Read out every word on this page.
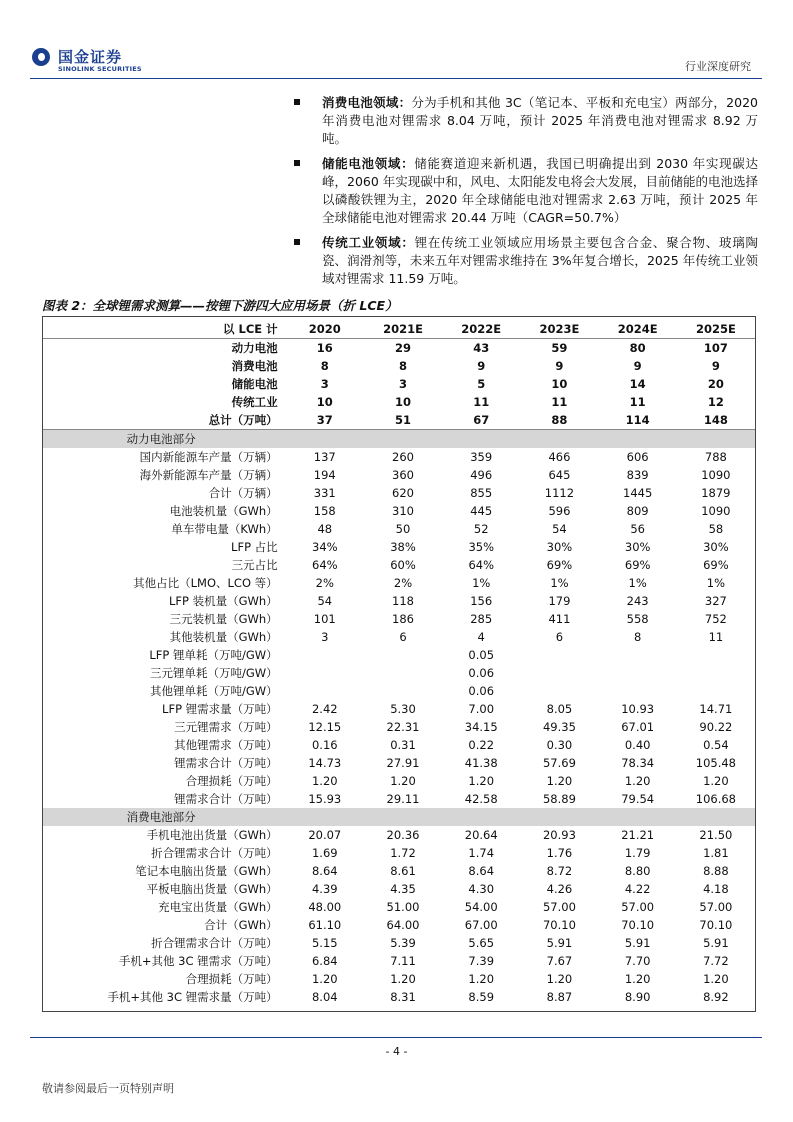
国金证券
SINOLINK SECURITIES	行业深度研究
消费电池领域：分为手机和其他 3C（笔记本、平板和充电宝）两部分，2020 年消费电池对锂需求 8.04 万吨，预计 2025 年消费电池对锂需求 8.92 万吨。
储能电池领域：储能赛道迎来新机遇，我国已明确提出到 2030 年实现碳达峰，2060 年实现碳中和，风电、太阳能发电将会大发展，目前储能的电池选择以磷酸铁锂为主，2020 年全球储能电池对锂需求 2.63 万吨，预计 2025 年全球储能电池对锂需求 20.44 万吨（CAGR=50.7%）
传统工业领域：锂在传统工业领域应用场景主要包含合金、聚合物、玻璃陶瓷、润滑剂等，未来五年对锂需求维持在 3%年复合增长，2025 年传统工业领域对锂需求 11.59 万吨。
图表 2：全球锂需求测算——按锂下游四大应用场景（折 LCE）
以 LCE 计	2020	2021E	2022E	2023E	2024E	2025E
动力电池	16	29	43	59	80	107
消费电池	8	8	9	9	9	9
储能电池	3	3	5	10	14	20
传统工业	10	10	11	11	11	12
总计（万吨）	37	51	67	88	114	148
动力电池部分						
国内新能源车产量（万辆）	137	260	359	466	606	788
海外新能源车产量（万辆）	194	360	496	645	839	1090
合计（万辆）	331	620	855	1112	1445	1879
电池装机量（GWh）	158	310	445	596	809	1090
单车带电量（KWh）	48	50	52	54	56	58
LFP 占比	34%	38%	35%	30%	30%	30%
三元占比	64%	60%	64%	69%	69%	69%
其他占比（LMO、LCO 等）	2%	2%	1%	1%	1%	1%
LFP 装机量（GWh）	54	118	156	179	243	327
三元装机量（GWh）	101	186	285	411	558	752
其他装机量（GWh）	3	6	4	6	8	11
LFP 锂单耗（万吨/GW）			0.05			
三元锂单耗（万吨/GW）			0.06			
其他锂单耗（万吨/GW）			0.06			
LFP 锂需求量（万吨）	2.42	5.30	7.00	8.05	10.93	14.71
三元锂需求（万吨）	12.15	22.31	34.15	49.35	67.01	90.22
其他锂需求（万吨）	0.16	0.31	0.22	0.30	0.40	0.54
锂需求合计（万吨）	14.73	27.91	41.38	57.69	78.34	105.48
合理损耗（万吨）	1.20	1.20	1.20	1.20	1.20	1.20
锂需求合计（万吨）	15.93	29.11	42.58	58.89	79.54	106.68
消费电池部分						
手机电池出货量（GWh）	20.07	20.36	20.64	20.93	21.21	21.50
折合锂需求合计（万吨）	1.69	1.72	1.74	1.76	1.79	1.81
笔记本电脑出货量（GWh）	8.64	8.61	8.64	8.72	8.80	8.88
平板电脑出货量（GWh）	4.39	4.35	4.30	4.26	4.22	4.18
充电宝出货量（GWh）	48.00	51.00	54.00	57.00	57.00	57.00
合计（GWh）	61.10	64.00	67.00	70.10	70.10	70.10
折合锂需求合计（万吨）	5.15	5.39	5.65	5.91	5.91	5.91
手机+其他 3C 锂需求（万吨）	6.84	7.11	7.39	7.67	7.70	7.72
合理损耗（万吨）	1.20	1.20	1.20	1.20	1.20	1.20
手机+其他 3C 锂需求量（万吨）	8.04	8.31	8.59	8.87	8.90	8.92
- 4 -
敬请参阅最后一页特别声明
